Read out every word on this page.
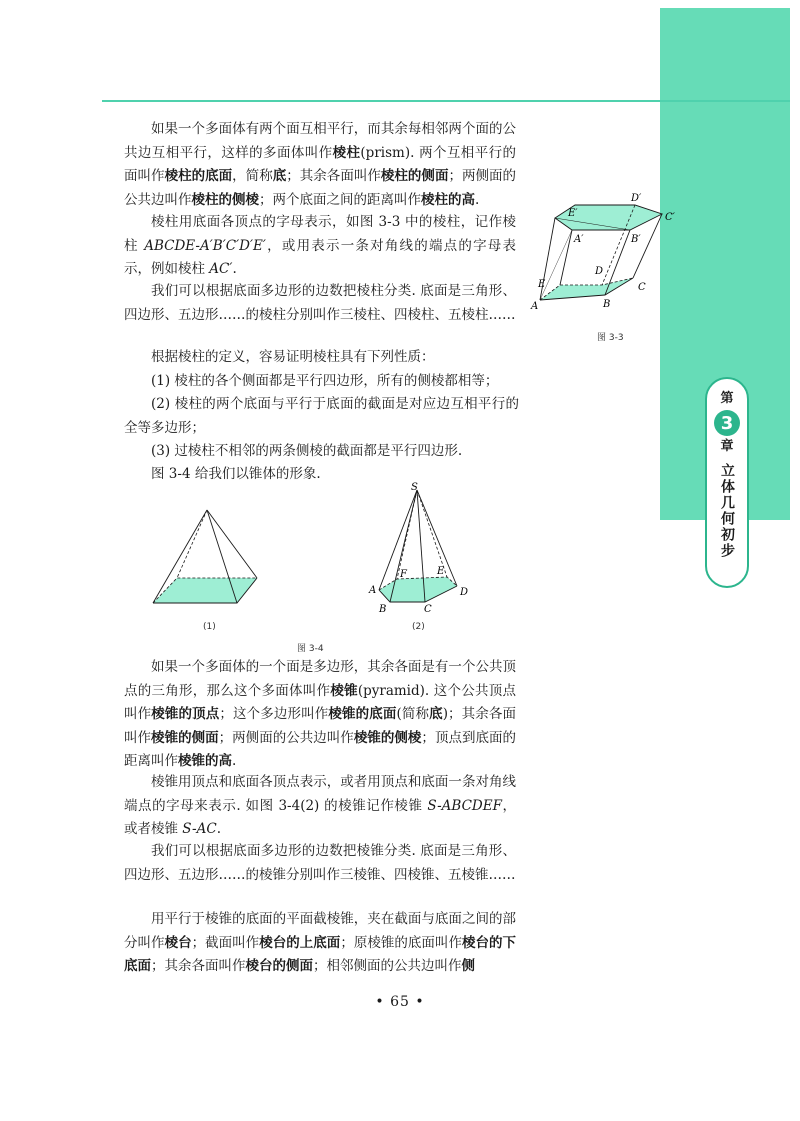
第
3
章
立体几何初步

如果一个多面体有两个面互相平行，而其余每相邻两个面的公共边互相平行，这样的多面体叫作棱柱(prism). 两个互相平行的面叫作棱柱的底面，简称底；其余各面叫作棱柱的侧面；两侧面的公共边叫作棱柱的侧棱；两个底面之间的距离叫作棱柱的高.

棱柱用底面各顶点的字母表示，如图 3-3 中的棱柱，记作棱柱 ABCDE-A′B′C′D′E′，或用表示一条对角线的端点的字母表示，例如棱柱 AC′.

我们可以根据底面多边形的边数把棱柱分类. 底面是三角形、四边形、五边形……的棱柱分别叫作三棱柱、四棱柱、五棱柱……

根据棱柱的定义，容易证明棱柱具有下列性质：

(1) 棱柱的各个侧面都是平行四边形，所有的侧棱都相等；

(2) 棱柱的两个底面与平行于底面的截面是对应边互相平行的全等多边形；

(3) 过棱柱不相邻的两条侧棱的截面都是平行四边形.

图 3-4 给我们以锥体的形象.

如果一个多面体的一个面是多边形，其余各面是有一个公共顶点的三角形，那么这个多面体叫作棱锥(pyramid). 这个公共顶点叫作棱锥的顶点；这个多边形叫作棱锥的底面(简称底)；其余各面叫作棱锥的侧面；两侧面的公共边叫作棱锥的侧棱；顶点到底面的距离叫作棱锥的高.

棱锥用顶点和底面各顶点表示，或者用顶点和底面一条对角线端点的字母来表示. 如图 3-4(2) 的棱锥记作棱锥 S-ABCDEF，或者棱锥 S-AC.

我们可以根据底面多边形的边数把棱锥分类. 底面是三角形、四边形、五边形……的棱锥分别叫作三棱锥、四棱锥、五棱锥……

用平行于棱锥的底面的平面截棱锥，夹在截面与底面之间的部分叫作棱台；截面叫作棱台的上底面；原棱锥的底面叫作棱台的下底面；其余各面叫作棱台的侧面；相邻侧面的公共边叫作侧

E′
D′
C′
A′	B′
E
D
C
A	B
图 3-3
(1)
S
F	E
A
B	C
D
(2)
图 3-4
• 65 •
